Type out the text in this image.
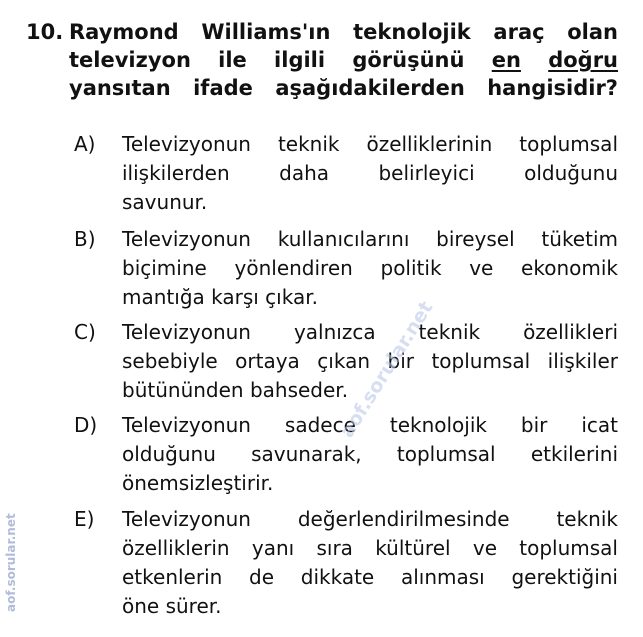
10. Raymond Williams'ın teknolojik araç olan
televizyon ile ilgili görüşünü en doğru
yansıtan ifade aşağıdakilerden hangisidir?
A)	Televizyonun teknik özelliklerinin toplumsal
ilişkilerden daha belirleyici olduğunu
savunur.
B)	Televizyonun kullanıcılarını bireysel tüketim
biçimine yönlendiren politik ve ekonomik
mantığa karşı çıkar.
C)	Televizyonun yalnızca teknik özellikleri
sebebiyle ortaya çıkan bir toplumsal ilişkiler
bütününden bahseder.
D)	Televizyonun sadece teknolojik bir icat
olduğunu savunarak, toplumsal etkilerini
önemsizleştirir.
E)	Televizyonun değerlendirilmesinde teknik
özelliklerin yanı sıra kültürel ve toplumsal
etkenlerin de dikkate alınması gerektiğini
öne sürer.
aof.sorular.net
aof.sorular.net
